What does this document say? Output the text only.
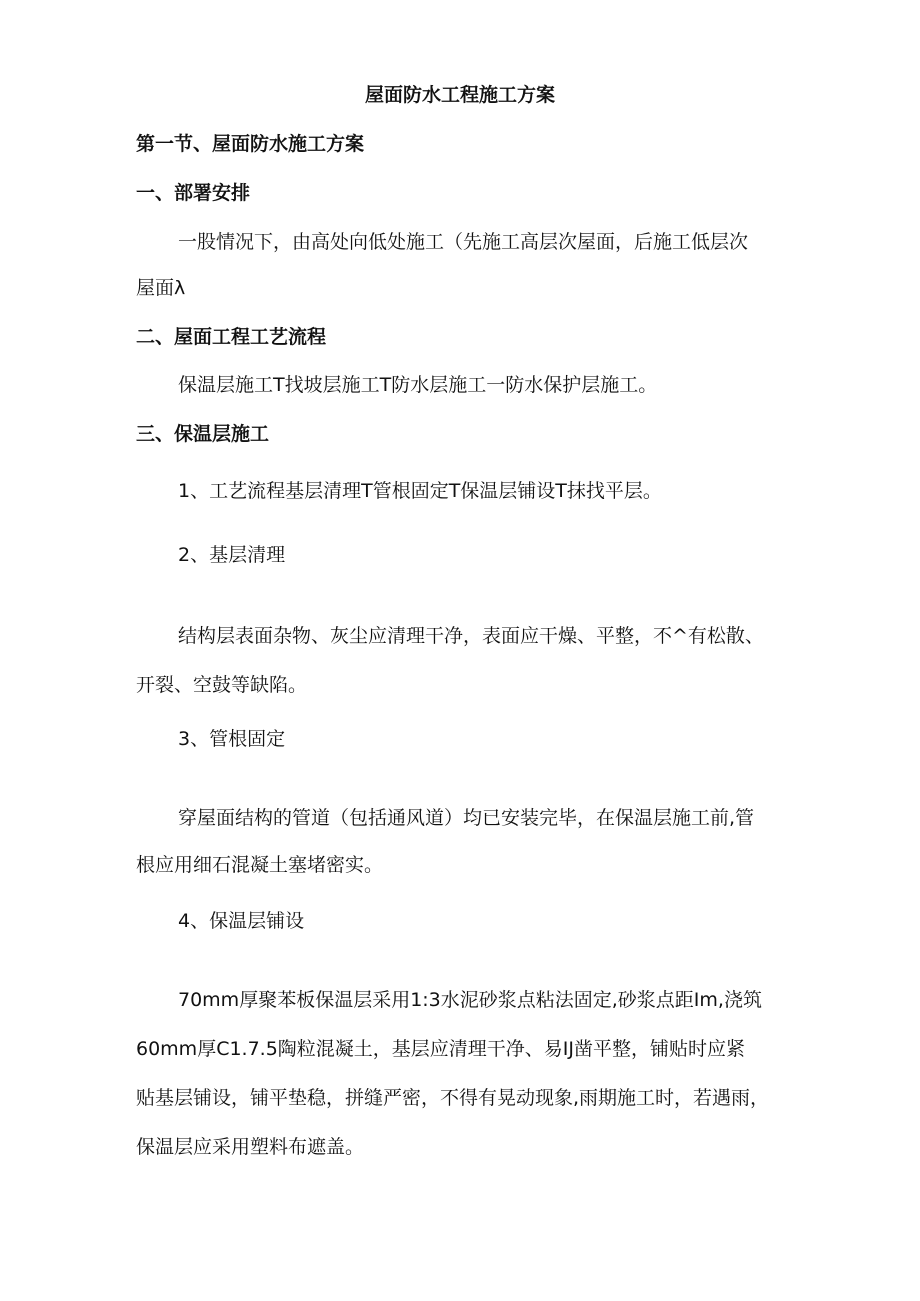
屋面防水工程施工方案
第一节、屋面防水施工方案
一、部署安排
一股情况下，由高处向低处施工（先施工高层次屋面，后施工低层次
屋面λ
二、屋面工程工艺流程
保温层施工T找坡层施工T防水层施工一防水保护层施工。
三、保温层施工
1、工艺流程基层清理T管根固定T保温层铺设T抹找平层。
2、基层清理
结构层表面杂物、灰尘应清理干净，表面应干燥、平整，不^有松散、
开裂、空鼓等缺陷。
3、管根固定
穿屋面结构的管道（包括通风道）均已安装完毕，在保温层施工前,管
根应用细石混凝土塞堵密实。
4、保温层铺设
70mm厚聚苯板保温层采用1:3水泥砂浆点粘法固定,砂浆点距Im,浇筑
60mm厚C1.7.5陶粒混凝土，基层应清理干净、易IJ凿平整，铺贴时应紧
贴基层铺设，铺平垫稳，拼缝严密，不得有晃动现象,雨期施工时，若遇雨，
保温层应采用塑料布遮盖。
